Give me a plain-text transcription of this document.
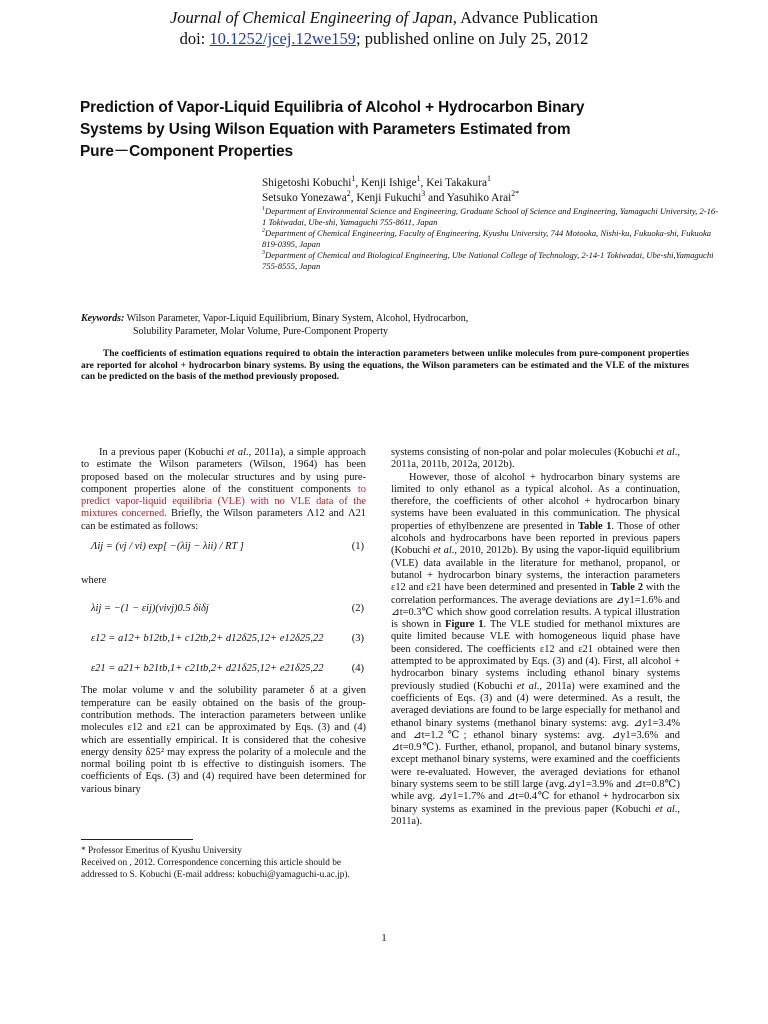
Journal of Chemical Engineering of Japan, Advance Publication
doi: 10.1252/jcej.12we159; published online on July 25, 2012
Prediction of Vapor-Liquid Equilibria of Alcohol + Hydrocarbon Binary
Systems by Using Wilson Equation with Parameters Estimated from
Pure－Component Properties
Shigetoshi Kobuchi$^1$, Kenji Ishige$^1$, Kei Takakura$^1$
Setsuko Yonezawa$^2$, Kenji Fukuchi$^3$ and Yasuhiko Arai$^{2*}$
$^1$Department of Environmental Science and Engineering, Graduate School of Science and Engineering, Yamaguchi University, 2-16-1 Tokiwadai, Ube-shi, Yamaguchi 755-8611, Japan
$^2$Department of Chemical Engineering, Faculty of Engineering, Kyushu University, 744 Motooka, Nishi-ku, Fukuoka-shi, Fukuoka 819-0395, Japan
$^3$Department of Chemical and Biological Engineering, Ube National College of Technology, 2-14-1 Tokiwadai, Ube-shi,Yamaguchi 755-8555, Japan
Keywords: Wilson Parameter, Vapor-Liquid Equilibrium, Binary System, Alcohol, Hydrocarbon,
Solubility Parameter, Molar Volume, Pure-Component Property
The coefficients of estimation equations required to obtain the interaction parameters between unlike molecules from pure-component properties are reported for alcohol + hydrocarbon binary systems. By using the equations, the Wilson parameters can be estimated and the VLE of the mixtures can be predicted on the basis of the method previously proposed.

In a previous paper (Kobuchi et al., 2011a), a simple approach to estimate the Wilson parameters (Wilson, 1964) has been proposed based on the molecular structures and by using pure-component properties alone of the constituent components to predict vapor-liquid equilibria (VLE) with no VLE data of the mixtures concerned. Briefly, the Wilson parameters Λ12 and Λ21 can be estimated as follows:

Λij = (vj / vi) exp[ −(λij − λii) / RT ]	(1)

where

λij = −(1 − εij)(vivj)0.5 δiδj	(2)
ε12 = a12+ b12tb,1+ c12tb,2+ d12δ25,12+ e12δ25,22	(3)
ε21 = a21+ b21tb,1+ c21tb,2+ d21δ25,12+ e21δ25,22	(4)

The molar volume v and the solubility parameter δ at a given temperature can be easily obtained on the basis of the group-contribution methods. The interaction parameters between unlike molecules ε12 and ε21 can be approximated by Eqs. (3) and (4) which are essentially empirical. It is considered that the cohesive energy density δ25² may express the polarity of a molecule and the normal boiling point tb is effective to distinguish isomers. The coefficients of Eqs. (3) and (4) required have been determined for various binary

systems consisting of non-polar and polar molecules (Kobuchi et al., 2011a, 2011b, 2012a, 2012b).

However, those of alcohol + hydrocarbon binary systems are limited to only ethanol as a typical alcohol. As a continuation, therefore, the coefficients of other alcohol + hydrocarbon binary systems have been evaluated in this communication. The physical properties of ethylbenzene are presented in Table 1. Those of other alcohols and hydrocarbons have been reported in previous papers (Kobuchi et al., 2010, 2012b). By using the vapor-liquid equilibrium (VLE) data available in the literature for methanol, propanol, or butanol + hydrocarbon binary systems, the interaction parameters ε12 and ε21 have been determined and presented in Table 2 with the correlation performances. The average deviations are ⊿y1=1.6% and ⊿t=0.3℃ which show good correlation results. A typical illustration is shown in Figure 1. The VLE studied for methanol mixtures are quite limited because VLE with homogeneous liquid phase have been considered. The coefficients ε12 and ε21 obtained were then attempted to be approximated by Eqs. (3) and (4). First, all alcohol + hydrocarbon binary systems including ethanol binary systems previously studied (Kobuchi et al., 2011a) were examined and the coefficients of Eqs. (3) and (4) were determined. As a result, the averaged deviations are found to be large especially for methanol and ethanol binary systems (methanol binary systems: avg. ⊿y1=3.4% and ⊿t=1.2℃; ethanol binary systems: avg. ⊿y1=3.6% and ⊿t=0.9℃). Further, ethanol, propanol, and butanol binary systems, except methanol binary systems, were examined and the coefficients were re-evaluated. However, the averaged deviations for ethanol binary systems seem to be still large (avg.⊿y1=3.9% and ⊿t=0.8℃) while avg. ⊿y1=1.7% and ⊿t=0.4℃ for ethanol + hydrocarbon six binary systems as examined in the previous paper (Kobuchi et al., 2011a).

* Professor Emeritus of Kyushu University
Received on , 2012. Correspondence concerning this article should be addressed to S. Kobuchi (E-mail address: kobuchi@yamaguchi-u.ac.jp).
1
